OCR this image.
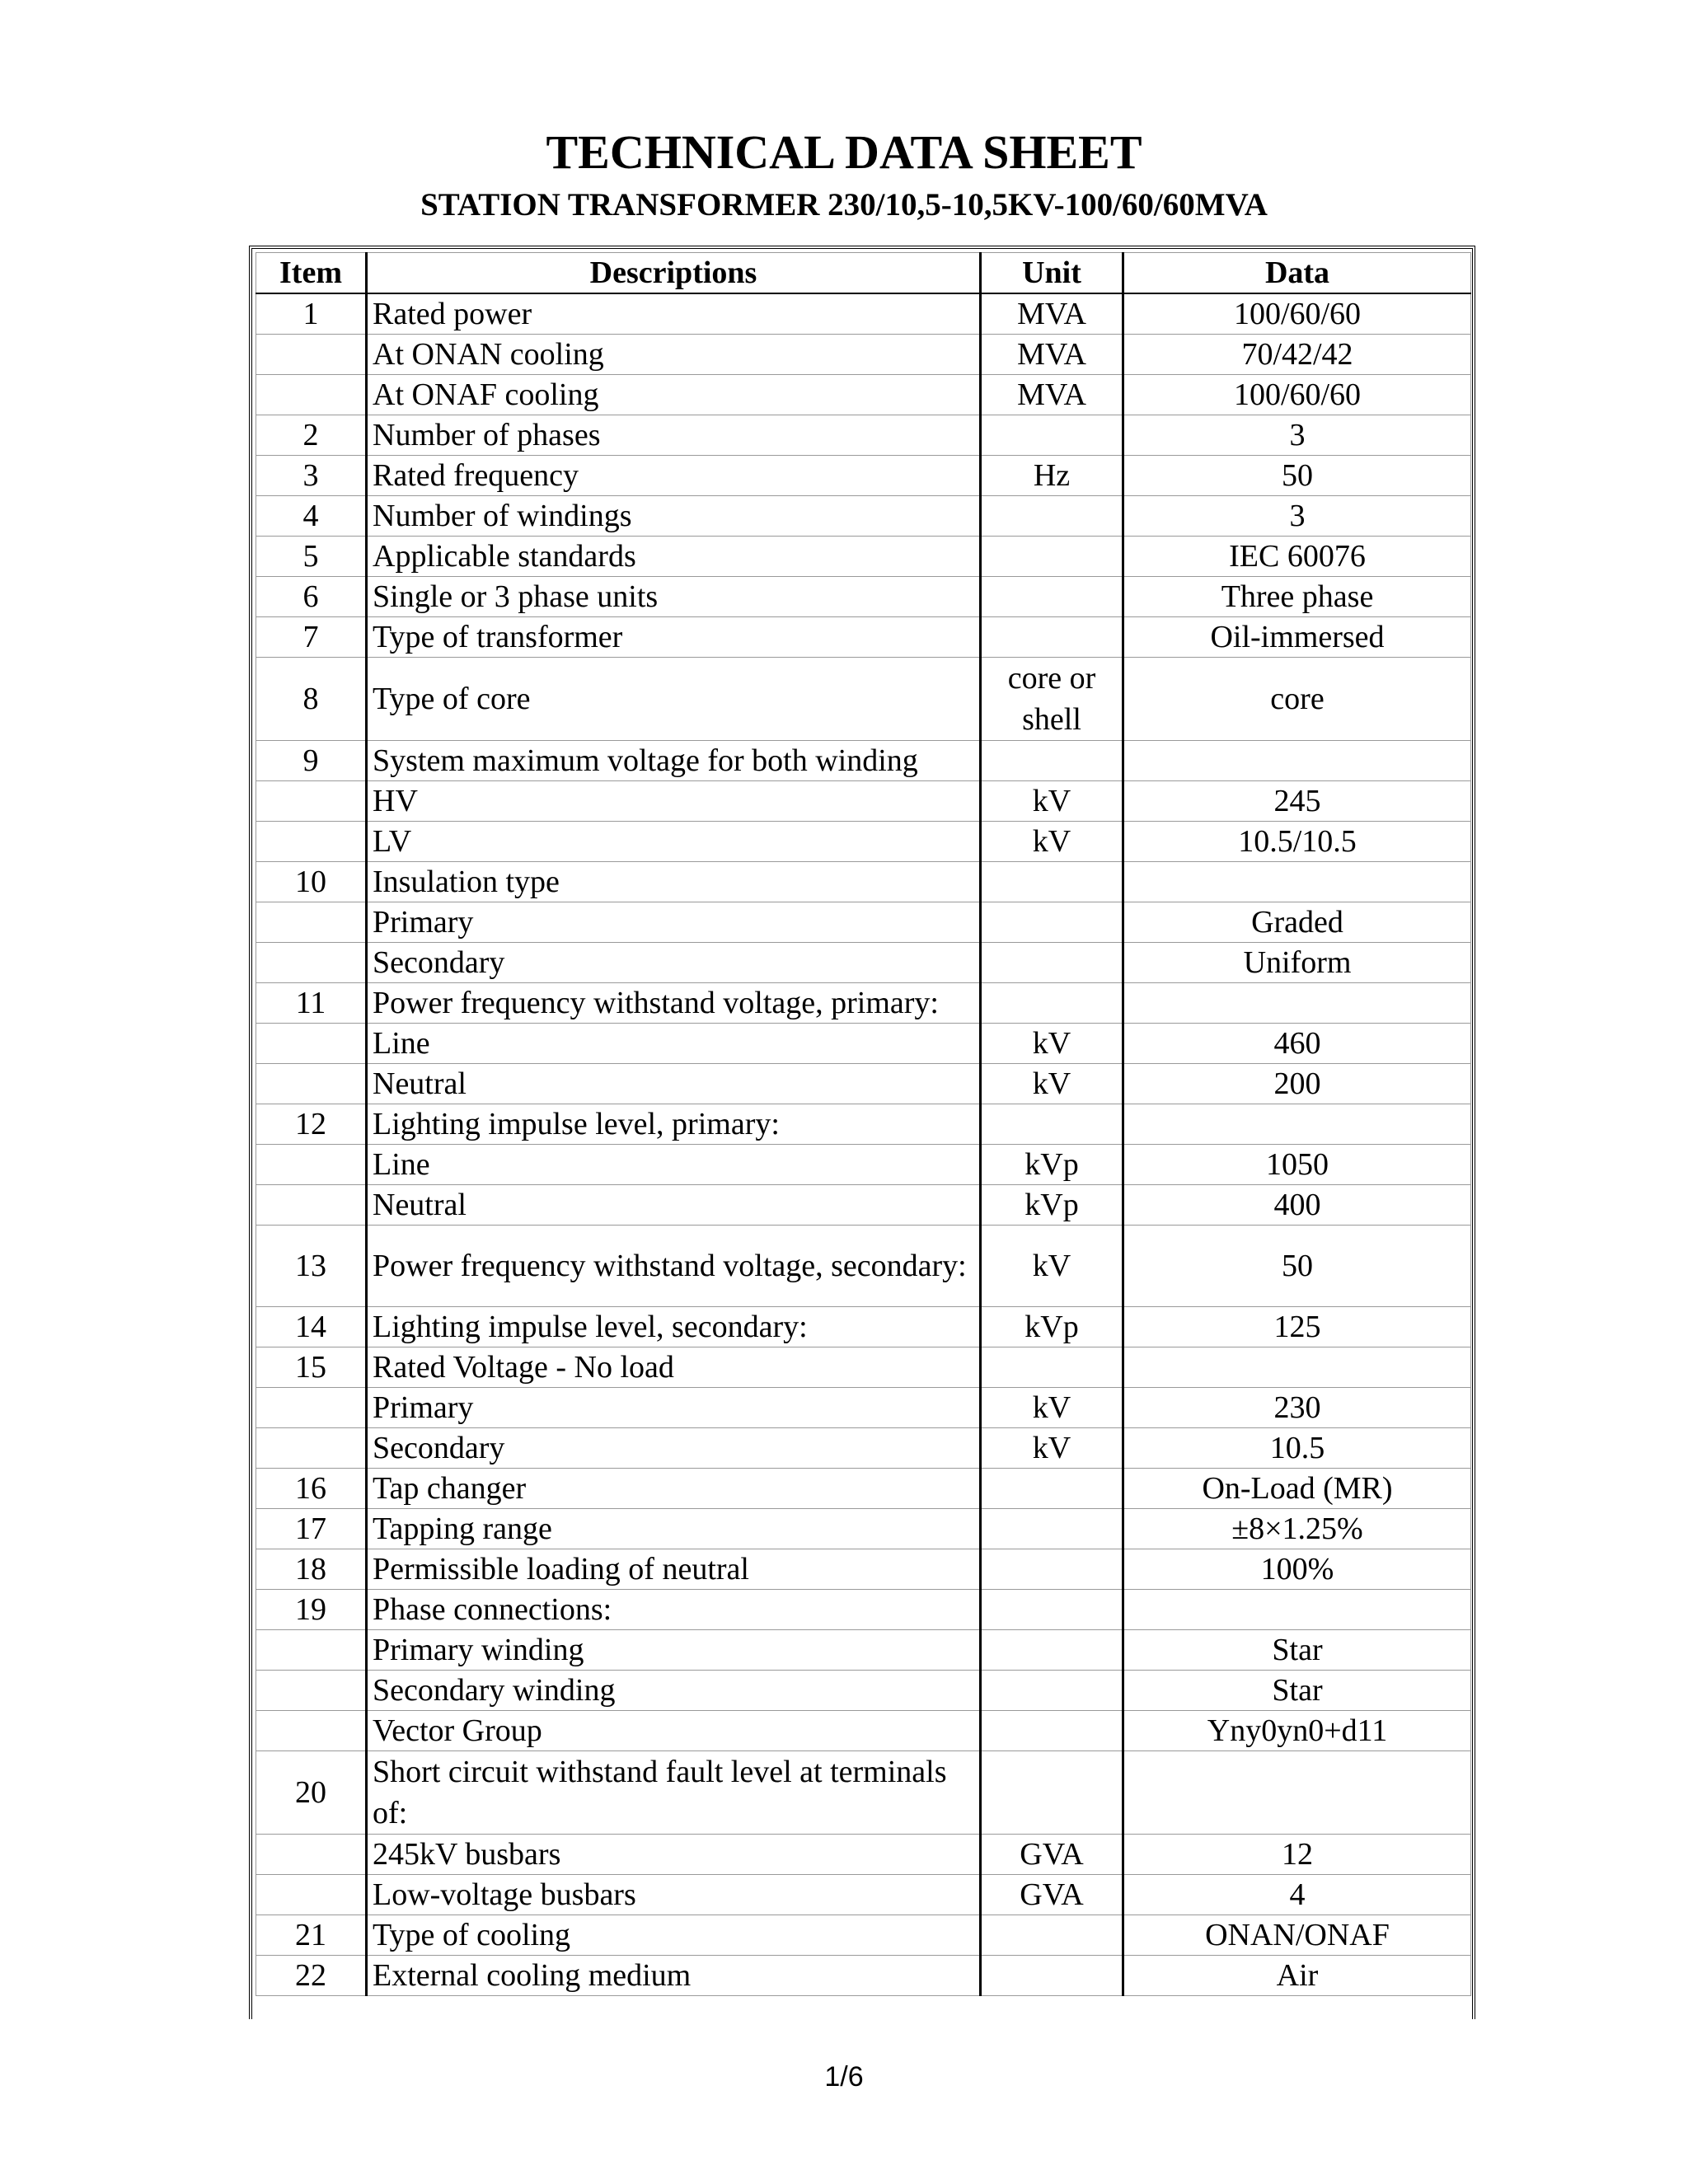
TECHNICAL DATA SHEET
STATION TRANSFORMER 230/10,5-10,5KV-100/60/60MVA
Item	Descriptions	Unit	Data
1	Rated power	MVA	100/60/60
	At ONAN cooling	MVA	70/42/42
	At ONAF cooling	MVA	100/60/60
2	Number of phases		3
3	Rated frequency	Hz	50
4	Number of windings		3
5	Applicable standards		IEC 60076
6	Single or 3 phase units		Three phase
7	Type of transformer		Oil-immersed
8	Type of core	core or shell	core
9	System maximum voltage for both winding		
	HV	kV	245
	LV	kV	10.5/10.5
10	Insulation type		
	Primary		Graded
	Secondary		Uniform
11	Power frequency withstand voltage, primary:		
	Line	kV	460
	Neutral	kV	200
12	Lighting impulse level, primary:		
	Line	kVp	1050
	Neutral	kVp	400
13	Power frequency withstand voltage, secondary:	kV	50
14	Lighting impulse level, secondary:	kVp	125
15	Rated Voltage - No load		
	Primary	kV	230
	Secondary	kV	10.5
16	Tap changer		On-Load (MR)
17	Tapping range		±8×1.25%
18	Permissible loading of neutral		100%
19	Phase connections:		
	Primary winding		Star
	Secondary winding		Star
	Vector Group		Yny0yn0+d11
20	Short circuit withstand fault level at terminals of:		
	245kV busbars	GVA	12
	Low-voltage busbars	GVA	4
21	Type of cooling		ONAN/ONAF
22	External cooling medium		Air
1/6
